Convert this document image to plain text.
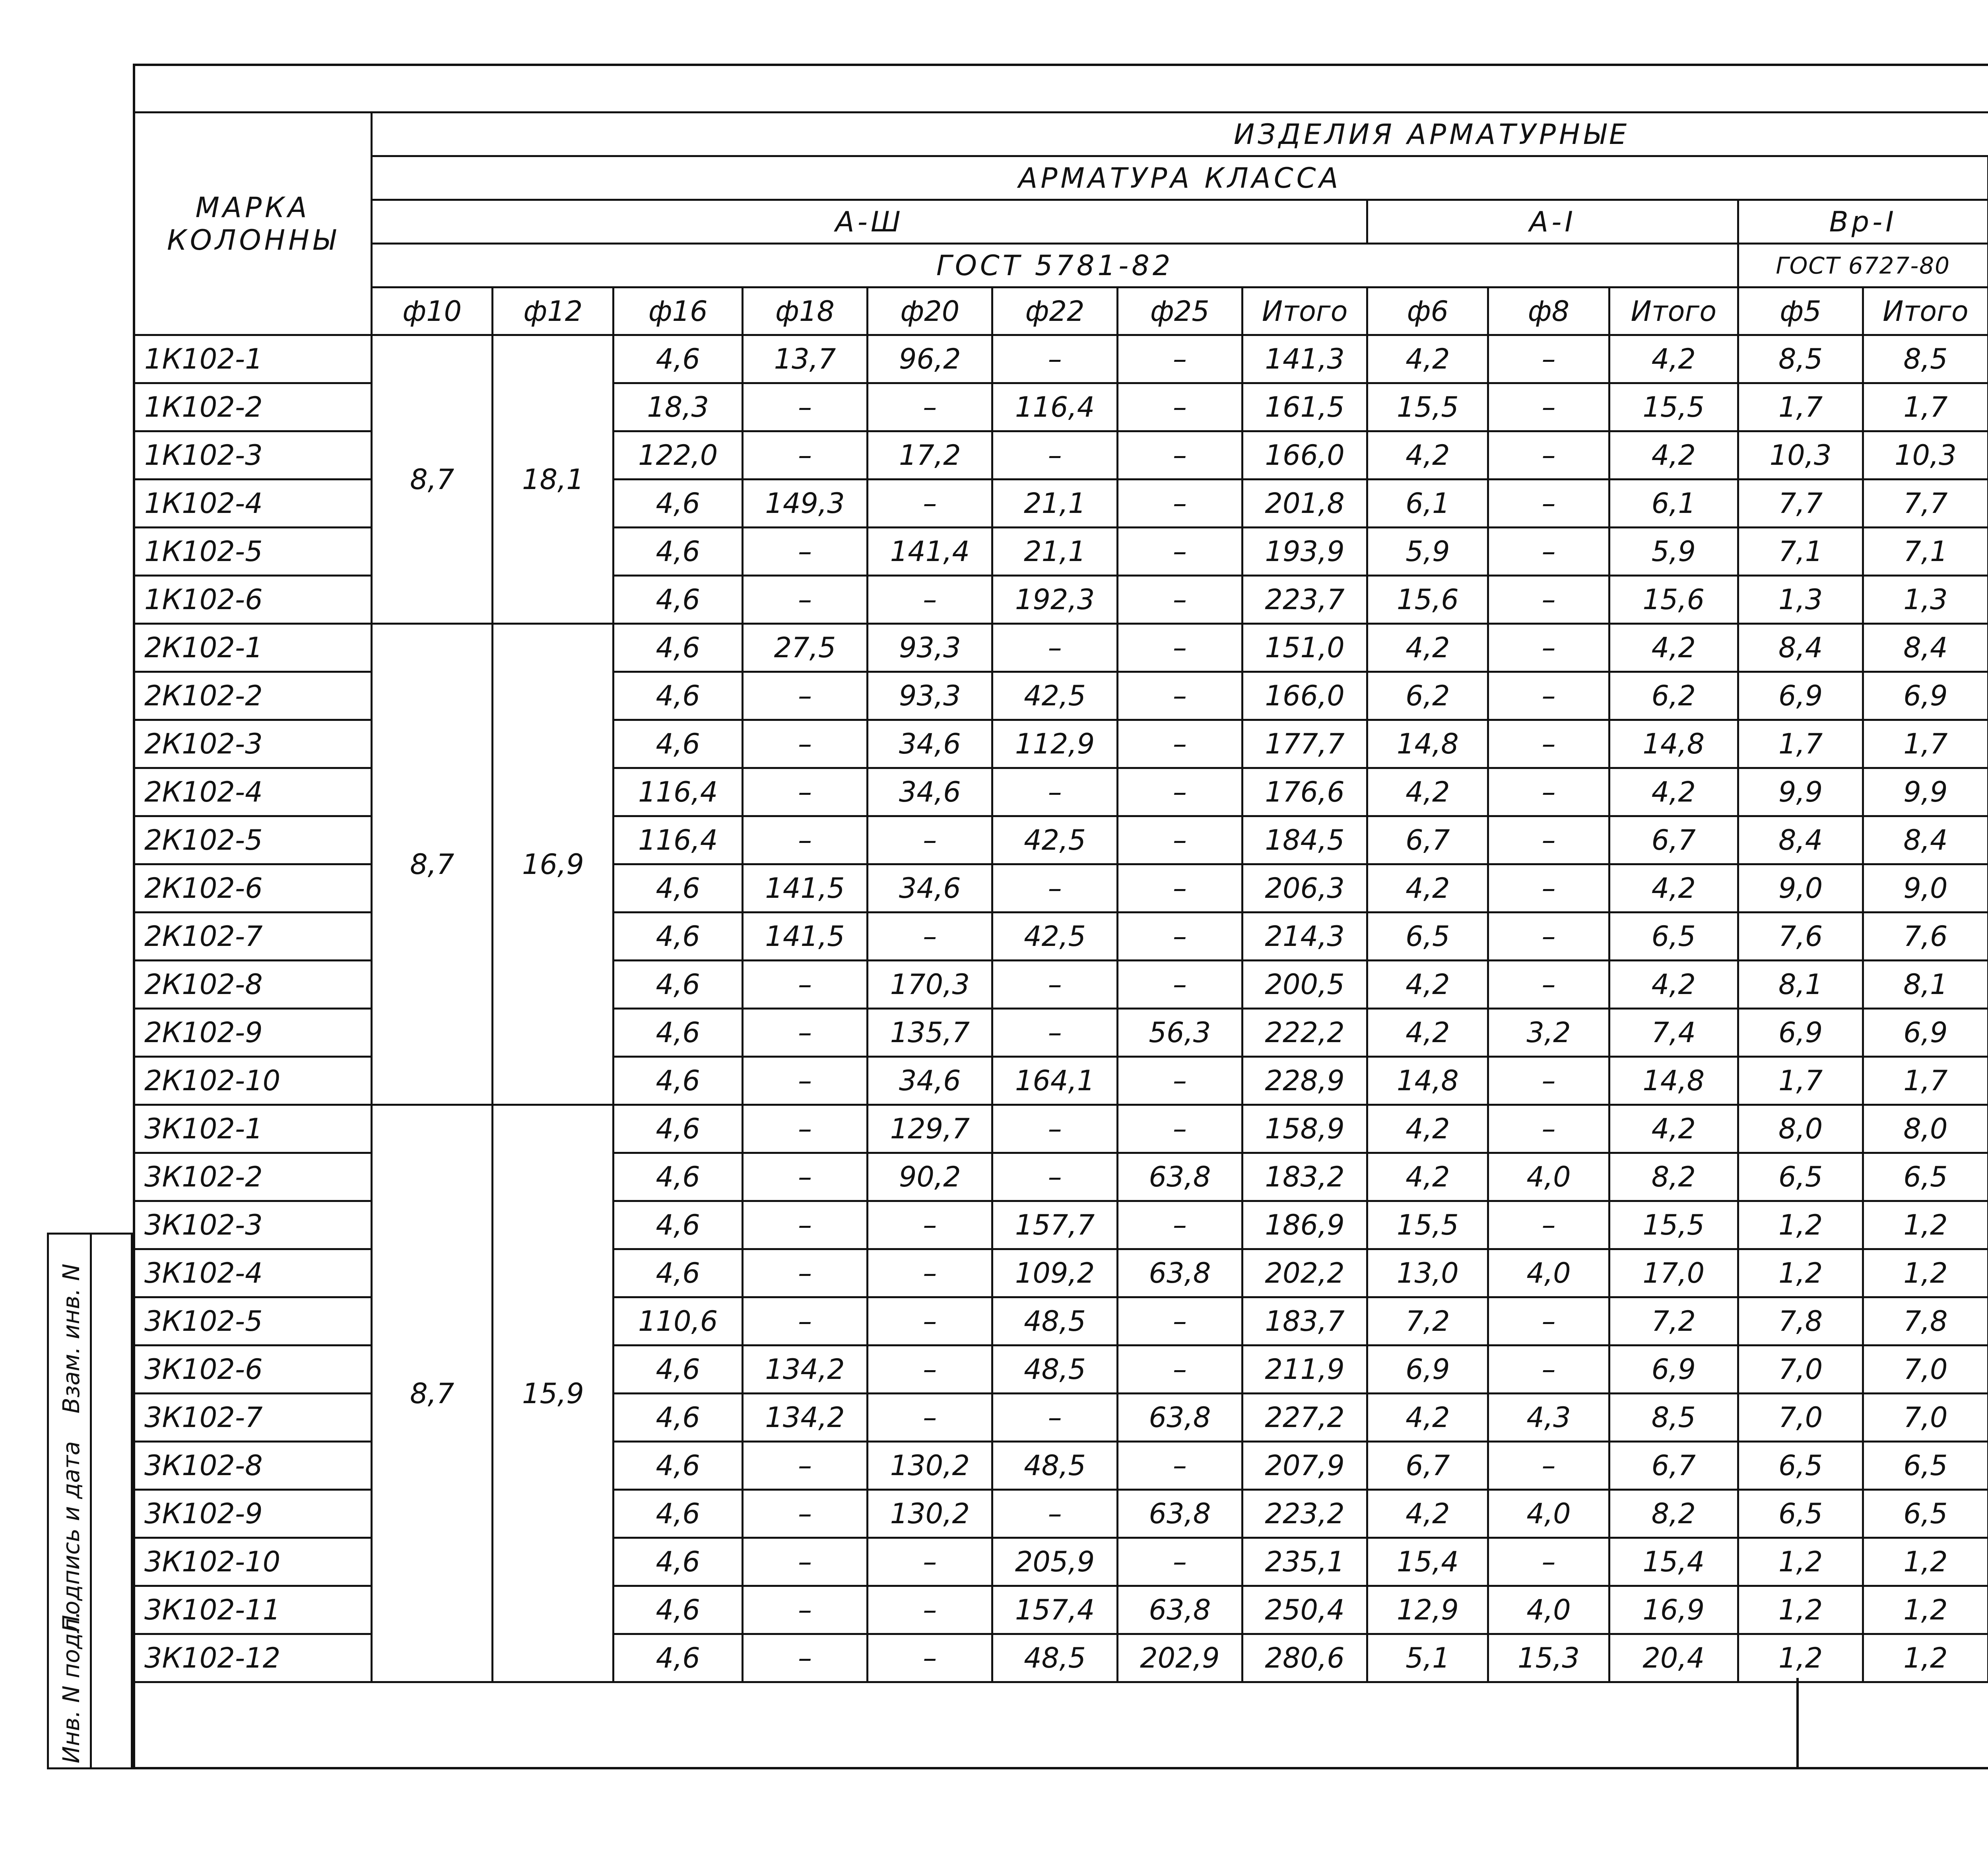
МАРКА КОЛОННЫ	ИЗДЕЛИЯ АРМАТУРНЫЕ	
	АРМАТУРА КЛАССА		
	А-Ш								А-I			Вр-I	
	ГОСТ 5781-82											ГОСТ 6727-80	
	ф10	ф12	ф16	ф18	ф20	ф22	ф25	Итого	ф6	ф8	Итого	ф5	Итого			
1К102-1	8,7	18,1	4,6	13,7	96,2	–	–	141,3	4,2	–	4,2	8,5	8,5					
1К102-2			18,3	–	–	116,4	–	161,5	15,5	–	15,5	1,7	1,7		
1К102-3			122,0	–	17,2	–	–	166,0	4,2	–	4,2	10,3	10,3		
1К102-4			4,6	149,3	–	21,1	–	201,8	6,1	–	6,1	7,7	7,7		
1К102-5			4,6	–	141,4	21,1	–	193,9	5,9	–	5,9	7,1	7,1		
1К102-6			4,6	–	–	192,3	–	223,7	15,6	–	15,6	1,3	1,3		
2К102-1	8,7	16,9	4,6	27,5	93,3	–	–	151,0	4,2	–	4,2	8,4	8,4		
2К102-2			4,6	–	93,3	42,5	–	166,0	6,2	–	6,2	6,9	6,9		
2К102-3			4,6	–	34,6	112,9	–	177,7	14,8	–	14,8	1,7	1,7		
2К102-4			116,4	–	34,6	–	–	176,6	4,2	–	4,2	9,9	9,9		
2К102-5			116,4	–	–	42,5	–	184,5	6,7	–	6,7	8,4	8,4		
2К102-6			4,6	141,5	34,6	–	–	206,3	4,2	–	4,2	9,0	9,0		
2К102-7			4,6	141,5	–	42,5	–	214,3	6,5	–	6,5	7,6	7,6		
2К102-8			4,6	–	170,3	–	–	200,5	4,2	–	4,2	8,1	8,1		
2К102-9			4,6	–	135,7	–	56,3	222,2	4,2	3,2	7,4	6,9	6,9		
2К102-10			4,6	–	34,6	164,1	–	228,9	14,8	–	14,8	1,7	1,7		
3К102-1	8,7	15,9	4,6	–	129,7	–	–	158,9	4,2	–	4,2	8,0	8,0		
3К102-2			4,6	–	90,2	–	63,8	183,2	4,2	4,0	8,2	6,5	6,5		
3К102-3			4,6	–	–	157,7	–	186,9	15,5	–	15,5	1,2	1,2		
3К102-4			4,6	–	–	109,2	63,8	202,2	13,0	4,0	17,0	1,2	1,2		
3К102-5			110,6	–	–	48,5	–	183,7	7,2	–	7,2	7,8	7,8		
3К102-6			4,6	134,2	–	48,5	–	211,9	6,9	–	6,9	7,0	7,0		
3К102-7			4,6	134,2	–	–	63,8	227,2	4,2	4,3	8,5	7,0	7,0		
3К102-8			4,6	–	130,2	48,5	–	207,9	6,7	–	6,7	6,5	6,5		
3К102-9			4,6	–	130,2	–	63,8	223,2	4,2	4,0	8,2	6,5	6,5		
3К102-10			4,6	–	–	205,9	–	235,1	15,4	–	15,4	1,2	1,2		
3К102-11			4,6	–	–	157,4	63,8	250,4	12,9	4,0	16,9	1,2	1,2		
3К102-12			4,6	–	–	48,5	202,9	280,6	5,1	15,3	20,4	1,2	1,2		
Инв. N подл.
Подпись и дата
Взам. инв. N
